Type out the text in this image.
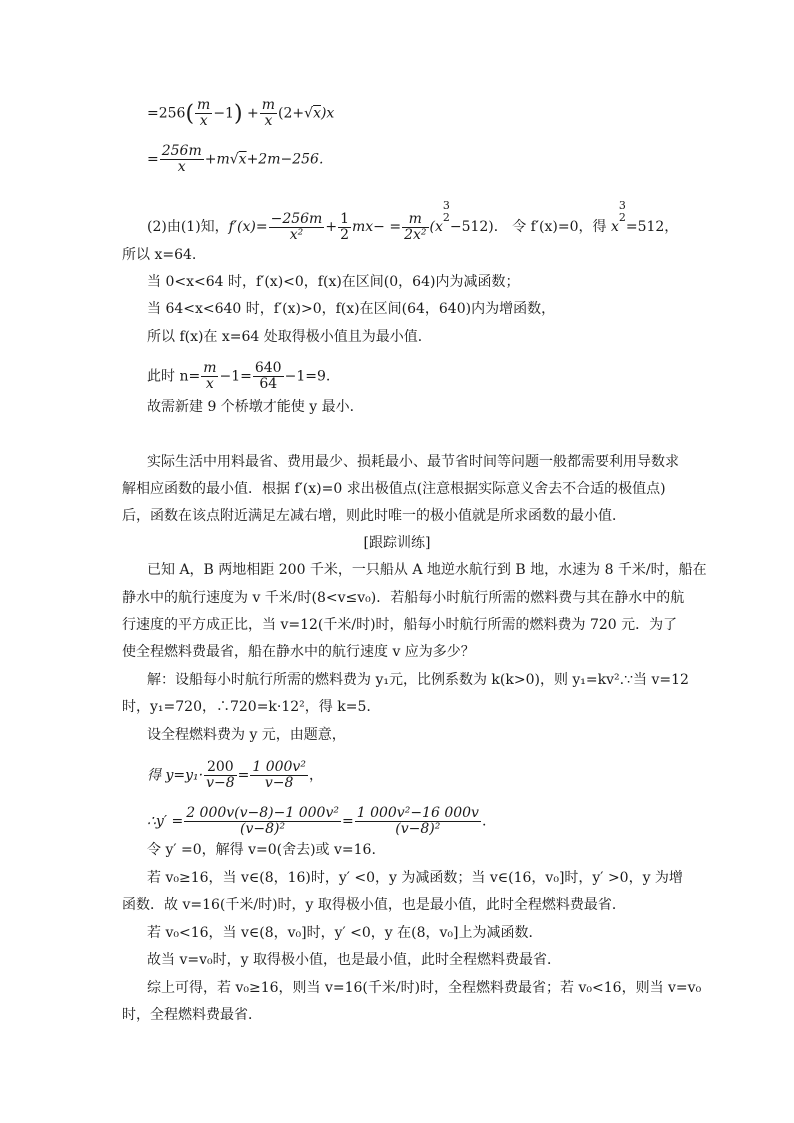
$=256( \frac{m}{x} -1) + \frac{m}{x} (2+√x)x$
= $\frac{256m}{x} +m√x+2m-256$.
(2)由(1)知，$f'(x)= \frac{-256m}{\text{x²}} + \frac{1}{2} mx- = \frac{m}{\text{2x²}} (x$
3
2
−512)． 令 f′(x)=0，得 x
3
2
=512，
所以 x=64.
当 0<x<64 时，f′(x)<0，f(x)在区间(0，64)内为减函数；
当 64<x<640 时，f′(x)>0，f(x)在区间(64，640)内为增函数，
所以 f(x)在 x=64 处取得极小值且为最小值．
此时 $n= \frac{m}{x} -1= \frac{640}{64} -1=9$.
故需新建 9 个桥墩才能使 y 最小．
实际生活中用料最省、费用最少、损耗最小、最节省时间等问题一般都需要利用导数求
解相应函数的最小值．根据 f′(x)=0 求出极值点(注意根据实际意义舍去不合适的极值点)
后，函数在该点附近满足左减右增，则此时唯一的极小值就是所求函数的最小值．
[跟踪训练]
已知 A，B 两地相距 200 千米，一只船从 A 地逆水航行到 B 地，水速为 8 千米/时，船在
静水中的航行速度为 v 千米/时(8<v≤v₀)．若船每小时航行所需的燃料费与其在静水中的航
行速度的平方成正比，当 v=12(千米/时)时，船每小时航行所需的燃料费为 720 元．为了
使全程燃料费最省，船在静水中的航行速度 v 应为多少？
解：设船每小时航行所需的燃料费为 y₁元，比例系数为 k(k>0)，则 y₁=kv².∵当 v=12
时，y₁=720，∴720=k·12²，得 k=5.
设全程燃料费为 y 元，由题意，
得 $y=y_1\cdot \frac{200}{v-8} = \frac{\text{1 000v²}}{v-8}$ ，
∴y′ = $\frac{\text{2 000v(v−8)−1 000v²}}{\text{(v−8)²}} = \frac{\text{1 000v²−16 000v}}{\text{(v−8)²}}$ .
令 y′ =0，解得 v=0(舍去)或 v=16.
若 v₀≥16，当 v∈(8，16)时，y′ <0，y 为减函数；当 v∈(16，v₀]时，y′ >0，y 为增
函数．故 v=16(千米/时)时，y 取得极小值，也是最小值，此时全程燃料费最省．
若 v₀<16，当 v∈(8，v₀]时，y′ <0，y 在(8，v₀]上为减函数．
故当 v=v₀时，y 取得极小值，也是最小值，此时全程燃料费最省．
综上可得，若 v₀≥16，则当 v=16(千米/时)时，全程燃料费最省；若 v₀<16，则当 v=v₀
时，全程燃料费最省．
